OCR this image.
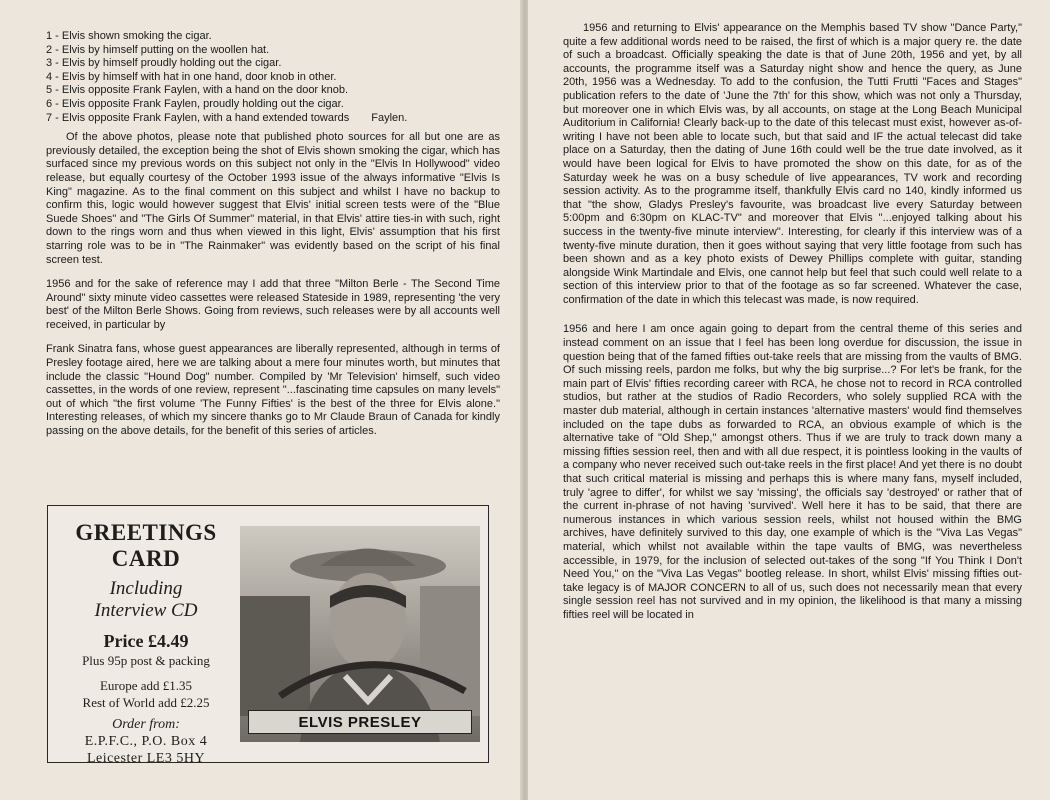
1 - Elvis shown smoking the cigar.
2 - Elvis by himself putting on the woollen hat.
3 - Elvis by himself proudly holding out the cigar.
4 - Elvis by himself with hat in one hand, door knob in other.
5 - Elvis opposite Frank Faylen, with a hand on the door knob.
6 - Elvis opposite Frank Faylen, proudly holding out the cigar.
7 - Elvis opposite Frank Faylen, with a hand extended towards Faylen.

Of the above photos, please note that published photo sources for all but one are as previously detailed, the exception being the shot of Elvis shown smoking the cigar, which has surfaced since my previous words on this subject not only in the "Elvis In Hollywood" video release, but equally courtesy of the October 1993 issue of the always informative "Elvis Is King" magazine. As to the final comment on this subject and whilst I have no backup to confirm this, logic would however suggest that Elvis' initial screen tests were of the "Blue Suede Shoes" and "The Girls Of Summer" material, in that Elvis' attire ties-in with such, right down to the rings worn and thus when viewed in this light, Elvis' assumption that his first starring role was to be in "The Rainmaker" was evidently based on the script of his final screen test.

1956 and for the sake of reference may I add that three "Milton Berle - The Second Time Around" sixty minute video cassettes were released Stateside in 1989, representing 'the very best' of the Milton Berle Shows. Going from reviews, such releases were by all accounts well received, in particular by

Frank Sinatra fans, whose guest appearances are liberally represented, although in terms of Presley footage aired, here we are talking about a mere four minutes worth, but minutes that include the classic "Hound Dog" number. Compiled by 'Mr Television' himself, such video cassettes, in the words of one review, represent "...fascinating time capsules on many levels" out of which "the first volume 'The Funny Fifties' is the best of the three for Elvis alone." Interesting releases, of which my sincere thanks go to Mr Claude Braun of Canada for kindly passing on the above details, for the benefit of this series of articles.

GREETINGS
CARD
Including
Interview CD
Price £4.49
Plus 95p post & packing
Europe add £1.35
Rest of World add £2.25
Order from:
E.P.F.C., P.O. Box 4
Leicester LE3 5HY
ELVIS PRESLEY

1956 and returning to Elvis' appearance on the Memphis based TV show "Dance Party," quite a few additional words need to be raised, the first of which is a major query re. the date of such a broadcast. Officially speaking the date is that of June 20th, 1956 and yet, by all accounts, the programme itself was a Saturday night show and hence the query, as June 20th, 1956 was a Wednesday. To add to the confusion, the Tutti Frutti "Faces and Stages" publication refers to the date of 'June the 7th' for this show, which was not only a Thursday, but moreover one in which Elvis was, by all accounts, on stage at the Long Beach Municipal Auditorium in California! Clearly back-up to the date of this telecast must exist, however as-of-writing I have not been able to locate such, but that said and IF the actual telecast did take place on a Saturday, then the dating of June 16th could well be the true date involved, as it would have been logical for Elvis to have promoted the show on this date, for as of the Saturday week he was on a busy schedule of live appearances, TV work and recording session activity. As to the programme itself, thankfully Elvis card no 140, kindly informed us that "the show, Gladys Presley's favourite, was broadcast live every Saturday between 5:00pm and 6:30pm on KLAC-TV" and moreover that Elvis "...enjoyed talking about his success in the twenty-five minute interview". Interesting, for clearly if this interview was of a twenty-five minute duration, then it goes without saying that very little footage from such has been shown and as a key photo exists of Dewey Phillips complete with guitar, standing alongside Wink Martindale and Elvis, one cannot help but feel that such could well relate to a section of this interview prior to that of the footage as so far screened. Whatever the case, confirmation of the date in which this telecast was made, is now required.

1956 and here I am once again going to depart from the central theme of this series and instead comment on an issue that I feel has been long overdue for discussion, the issue in question being that of the famed fifties out-take reels that are missing from the vaults of BMG. Of such missing reels, pardon me folks, but why the big surprise...? For let's be frank, for the main part of Elvis' fifties recording career with RCA, he chose not to record in RCA controlled studios, but rather at the studios of Radio Recorders, who solely supplied RCA with the master dub material, although in certain instances 'alternative masters' would find themselves included on the tape dubs as forwarded to RCA, an obvious example of which is the alternative take of "Old Shep," amongst others. Thus if we are truly to track down many a missing fifties session reel, then and with all due respect, it is pointless looking in the vaults of a company who never received such out-take reels in the first place! And yet there is no doubt that such critical material is missing and perhaps this is where many fans, myself included, truly 'agree to differ', for whilst we say 'missing', the officials say 'destroyed' or rather that of the current in-phrase of not having 'survived'. Well here it has to be said, that there are numerous instances in which various session reels, whilst not housed within the BMG archives, have definitely survived to this day, one example of which is the "Viva Las Vegas" material, which whilst not available within the tape vaults of BMG, was nevertheless accessible, in 1979, for the inclusion of selected out-takes of the song "If You Think I Don't Need You," on the "Viva Las Vegas" bootleg release. In short, whilst Elvis' missing fifties out-take legacy is of MAJOR CONCERN to all of us, such does not necessarily mean that every single session reel has not survived and in my opinion, the likelihood is that many a missing fifties reel will be located in
